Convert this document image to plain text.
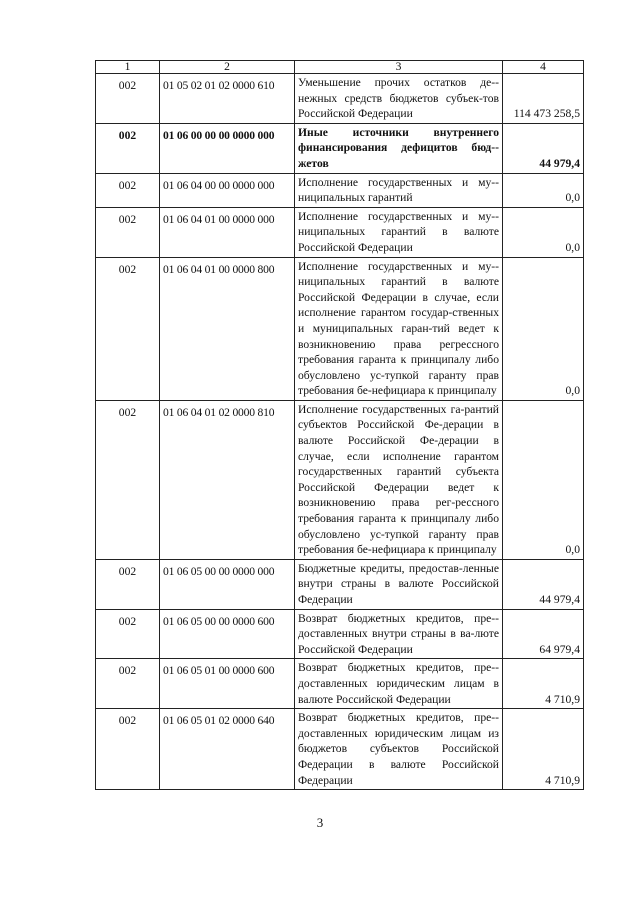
1	2	3	4
002	01 05 02 01 02 0000 610	Уменьшение прочих остатков де-нежных средств бюджетов субъек-тов Российской Федерации	114 473 258,5
002	01 06 00 00 00 0000 000	Иные источники внутреннего финансирования дефицитов бюд-жетов	44 979,4
002	01 06 04 00 00 0000 000	Исполнение государственных и му-ниципальных гарантий	0,0
002	01 06 04 01 00 0000 000	Исполнение государственных и му-ниципальных гарантий в валюте Российской Федерации	0,0
002	01 06 04 01 00 0000 800	Исполнение государственных и му-ниципальных гарантий в валюте Российской Федерации в случае, если исполнение гарантом государ-ственных и муниципальных гаран-тий ведет к возникновению права регрессного требования гаранта к принципалу либо обусловлено ус-тупкой гаранту прав требования бе-нефициара к принципалу	0,0
002	01 06 04 01 02 0000 810	Исполнение государственных га-рантий субъектов Российской Фе-дерации в валюте Российской Фе-дерации в случае, если исполнение гарантом государственных гарантий субъекта Российской Федерации ведет к возникновению права рег-рессного требования гаранта к принципалу либо обусловлено ус-тупкой гаранту прав требования бе-нефициара к принципалу	0,0
002	01 06 05 00 00 0000 000	Бюджетные кредиты, предостав-ленные внутри страны в валюте Российской Федерации	44 979,4
002	01 06 05 00 00 0000 600	Возврат бюджетных кредитов, пре-доставленных внутри страны в ва-люте Российской Федерации	64 979,4
002	01 06 05 01 00 0000 600	Возврат бюджетных кредитов, пре-доставленных юридическим лицам в валюте Российской Федерации	4 710,9
002	01 06 05 01 02 0000 640	Возврат бюджетных кредитов, пре-доставленных юридическим лицам из бюджетов субъектов Российской Федерации в валюте Российской Федерации	4 710,9
3
